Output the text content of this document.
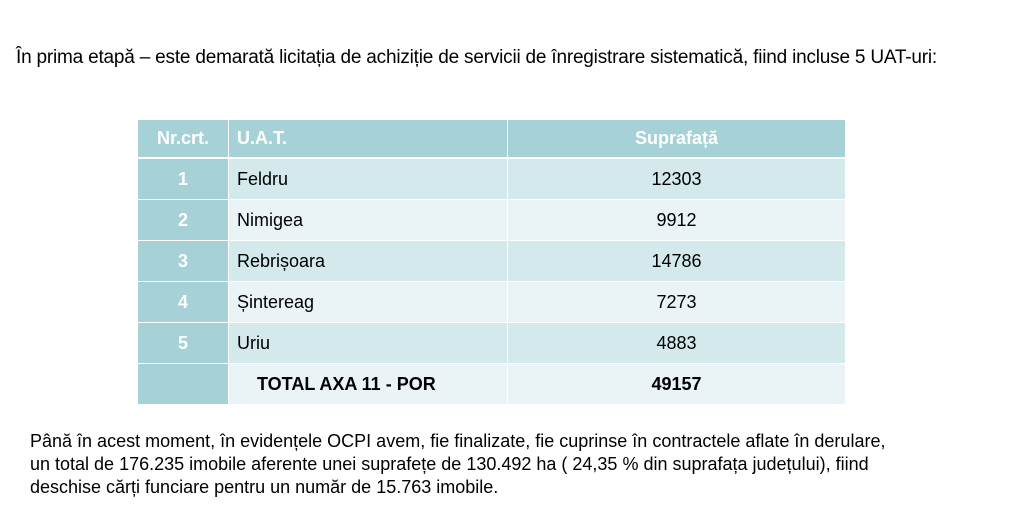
În prima etapă – este demarată licitația de achiziție de servicii de înregistrare sistematică, fiind incluse 5 UAT-uri:
Nr.crt.	U.A.T.	Suprafață
1	Feldru	12303
2	Nimigea	9912
3	Rebrișoara	14786
4	Șintereag	7273
5	Uriu	4883
	TOTAL AXA 11 - POR	49157
Până în acest moment, în evidențele OCPI avem, fie finalizate, fie cuprinse în contractele aflate în derulare,
un total de 176.235 imobile aferente unei suprafețe de 130.492 ha ( 24,35 % din suprafața județului), fiind
deschise cărți funciare pentru un număr de 15.763 imobile.
